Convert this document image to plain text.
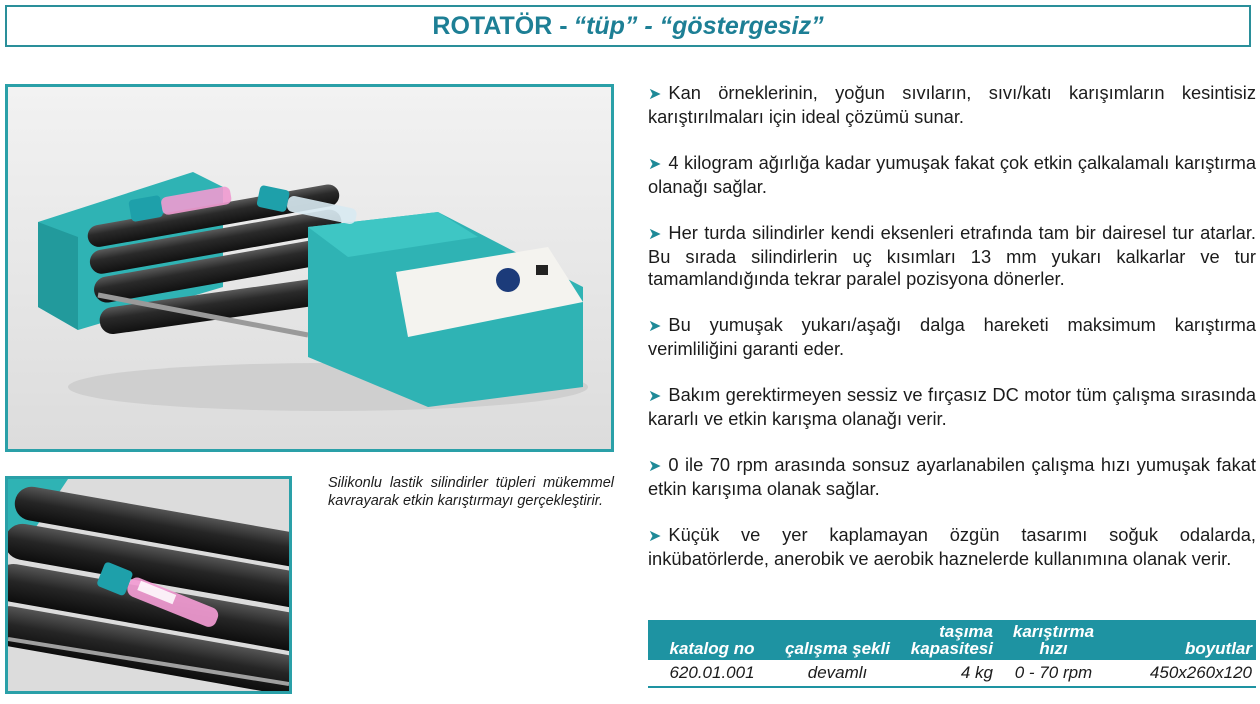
ROTATÖR - “tüp” - “göstergesiz”
Silikonlu lastik silindirler tüpleri mükemmel kavrayarak etkin karıştırmayı gerçekleştirir.

➤ Kan örneklerinin, yoğun sıvıların, sıvı/katı karışımların kesintisiz karıştırılmaları için ideal çözümü sunar.

➤ 4 kilogram ağırlığa kadar yumuşak fakat çok etkin çalkalamalı karıştırma olanağı sağlar.

➤ Her turda silindirler kendi eksenleri etrafında tam bir dairesel tur atarlar. Bu sırada silindirlerin uç kısımları 13 mm yukarı kalkarlar ve tur tamamlandığında tekrar paralel pozisyona dönerler.

➤ Bu yumuşak yukarı/aşağı dalga hareketi maksimum karıştırma verimliliğini garanti eder.

➤ Bakım gerektirmeyen sessiz ve fırçasız DC motor tüm çalışma sırasında kararlı ve etkin karışma olanağı verir.

➤ 0 ile 70 rpm arasında sonsuz ayarlanabilen çalışma hızı yumuşak fakat etkin karışıma olanak sağlar.

➤ Küçük ve yer kaplamayan özgün tasarımı soğuk odalarda, inkübatörlerde, anerobik ve aerobik haznelerde kullanımına olanak verir.

katalog no	çalışma şekli	taşıma kapasitesi	karıştırma hızı	boyutlar
620.01.001	devamlı	4 kg	0 - 70 rpm	450x260x120
